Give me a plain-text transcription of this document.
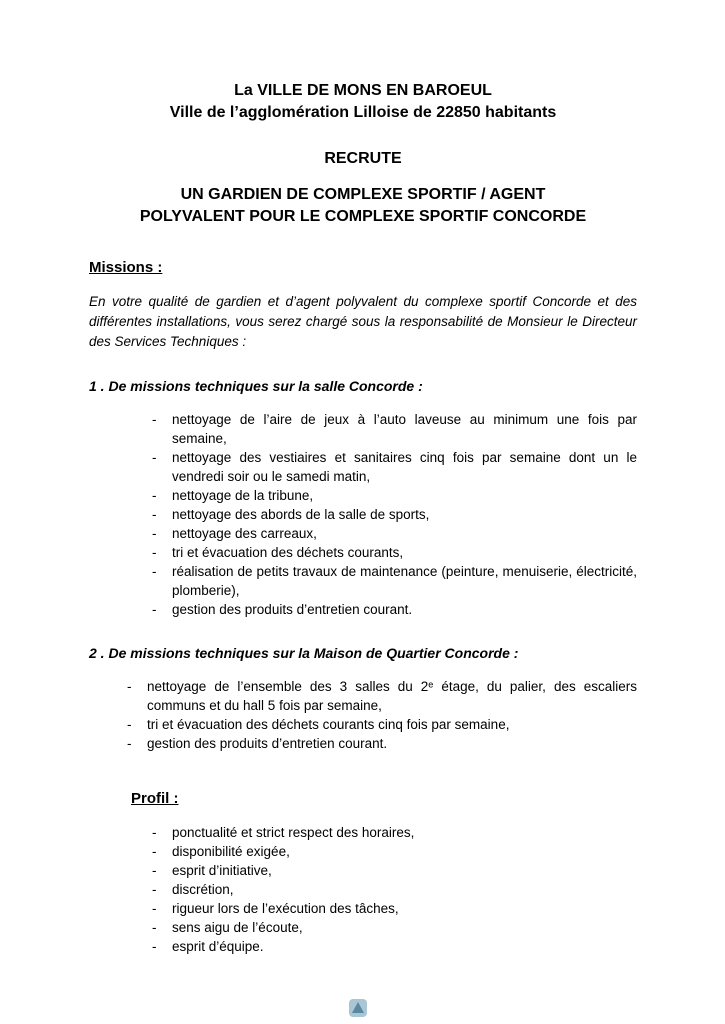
La VILLE DE MONS EN BAROEUL
Ville de l’agglomération Lilloise de 22850 habitants
RECRUTE
UN GARDIEN DE COMPLEXE SPORTIF / AGENT
POLYVALENT POUR LE COMPLEXE SPORTIF CONCORDE
Missions :

En votre qualité de gardien et d’agent polyvalent du complexe sportif Concorde et des différentes installations, vous serez chargé sous la responsabilité de Monsieur le Directeur des Services Techniques :

1 . De missions techniques sur la salle Concorde :
-	nettoyage de l’aire de jeux à l’auto laveuse au minimum une fois par semaine,
-	nettoyage des vestiaires et sanitaires cinq fois par semaine dont un le vendredi soir ou le samedi matin,
-	nettoyage de la tribune,
-	nettoyage des abords de la salle de sports,
-	nettoyage des carreaux,
-	tri et évacuation des déchets courants,
-	réalisation de petits travaux de maintenance (peinture, menuiserie, électricité, plomberie),
-	gestion des produits d’entretien courant.
2 . De missions techniques sur la Maison de Quartier Concorde :
-	nettoyage de l’ensemble des 3 salles du 2ᵉ étage, du palier, des escaliers communs et du hall 5 fois par semaine,
-	tri et évacuation des déchets courants cinq fois par semaine,
-	gestion des produits d’entretien courant.
Profil :
-	ponctualité et strict respect des horaires,
-	disponibilité exigée,
-	esprit d’initiative,
-	discrétion,
-	rigueur lors de l’exécution des tâches,
-	sens aigu de l’écoute,
-	esprit d’équipe.
